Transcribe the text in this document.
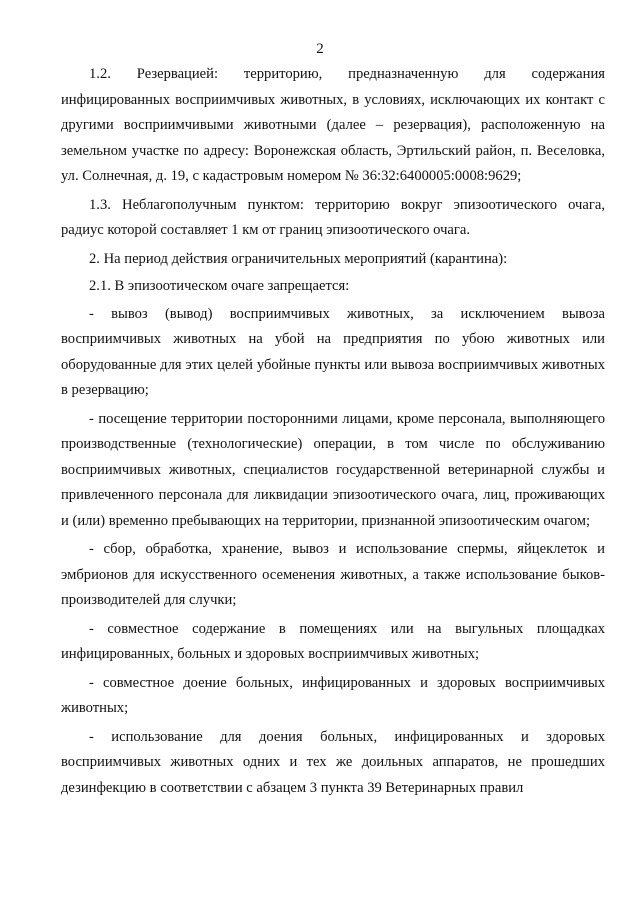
2

1.2. Резервацией: территорию, предназначенную для содержания инфицированных восприимчивых животных, в условиях, исключающих их контакт с другими восприимчивыми животными (далее – резервация), расположенную на земельном участке по адресу: Воронежская область, Эртильский район, п. Веселовка, ул. Солнечная, д. 19, с кадастровым номером № 36:32:6400005:0008:9629;

1.3. Неблагополучным пунктом: территорию вокруг эпизоотического очага, радиус которой составляет 1 км от границ эпизоотического очага.

2. На период действия ограничительных мероприятий (карантина):

2.1. В эпизоотическом очаге запрещается:

- вывоз (вывод) восприимчивых животных, за исключением вывоза восприимчивых животных на убой на предприятия по убою животных или оборудованные для этих целей убойные пункты или вывоза восприимчивых животных в резервацию;

- посещение территории посторонними лицами, кроме персонала, выполняющего производственные (технологические) операции, в том числе по обслуживанию восприимчивых животных, специалистов государственной ветеринарной службы и привлеченного персонала для ликвидации эпизоотического очага, лиц, проживающих и (или) временно пребывающих на территории, признанной эпизоотическим очагом;

- сбор, обработка, хранение, вывоз и использование спермы, яйцеклеток и эмбрионов для искусственного осеменения животных, а также использование быков-производителей для случки;

- совместное содержание в помещениях или на выгульных площадках инфицированных, больных и здоровых восприимчивых животных;

- совместное доение больных, инфицированных и здоровых восприимчивых животных;

- использование для доения больных, инфицированных и здоровых восприимчивых животных одних и тех же доильных аппаратов, не прошедших дезинфекцию в соответствии с абзацем 3 пункта 39 Ветеринарных правил
